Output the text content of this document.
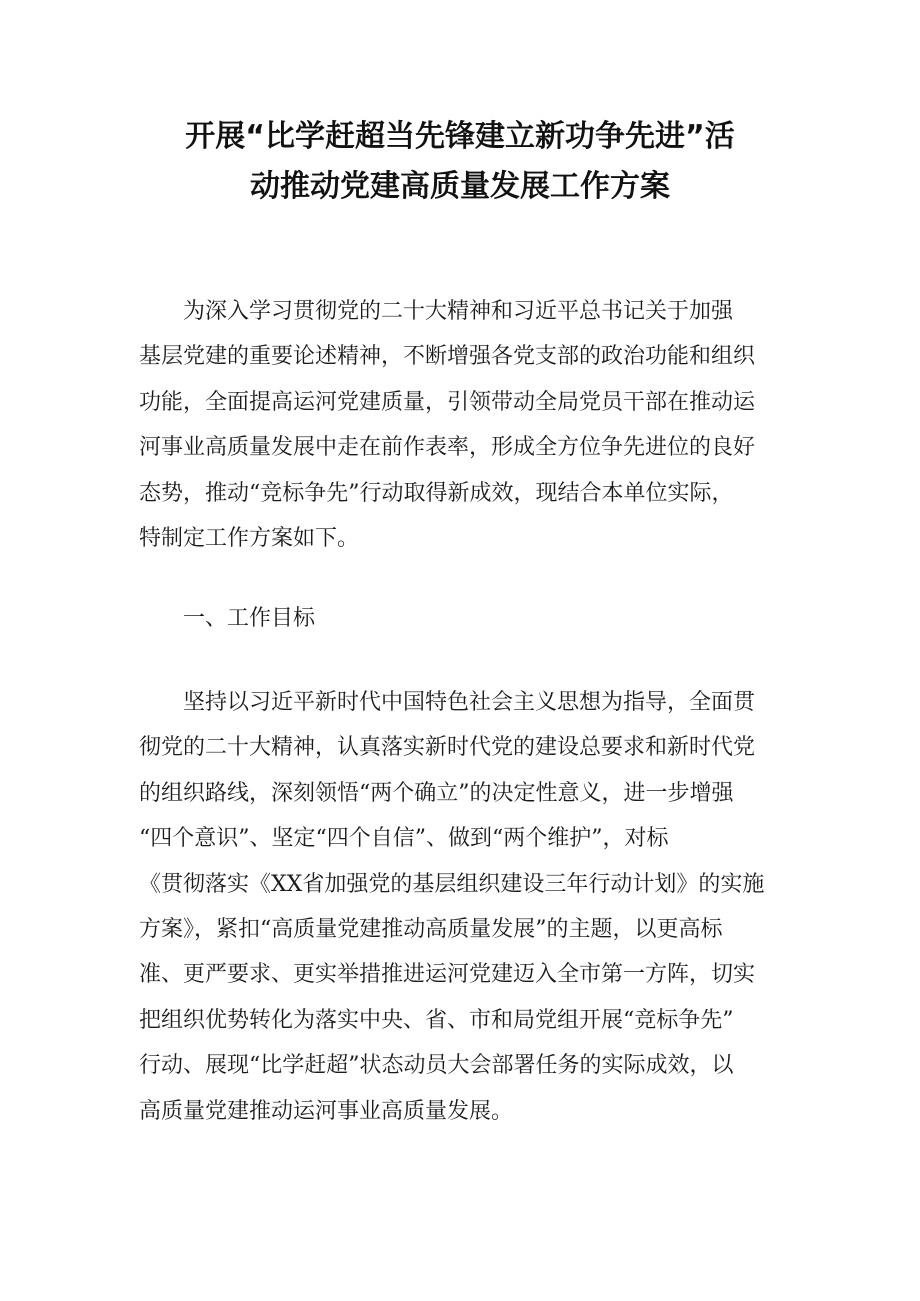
开展“比学赶超当先锋建立新功争先进”活
动推动党建高质量发展工作方案
为深入学习贯彻党的二十大精神和习近平总书记关于加强
基层党建的重要论述精神，不断增强各党支部的政治功能和组织
功能，全面提高运河党建质量，引领带动全局党员干部在推动运
河事业高质量发展中走在前作表率，形成全方位争先进位的良好
态势，推动“竞标争先”行动取得新成效，现结合本单位实际，
特制定工作方案如下。
一、工作目标
坚持以习近平新时代中国特色社会主义思想为指导，全面贯
彻党的二十大精神，认真落实新时代党的建设总要求和新时代党
的组织路线，深刻领悟“两个确立”的决定性意义，进一步增强
“四个意识”、坚定“四个自信”、做到“两个维护”，对标
《贯彻落实《XX省加强党的基层组织建设三年行动计划》的实施
方案》，紧扣“高质量党建推动高质量发展”的主题，以更高标
准、更严要求、更实举措推进运河党建迈入全市第一方阵，切实
把组织优势转化为落实中央、省、市和局党组开展“竞标争先”
行动、展现“比学赶超”状态动员大会部署任务的实际成效，以
高质量党建推动运河事业高质量发展。
